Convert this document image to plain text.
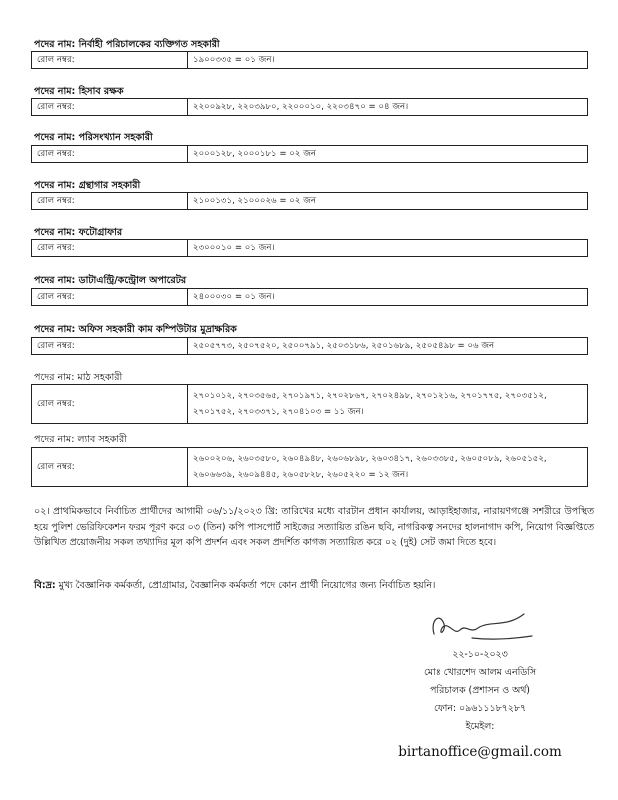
পদের নাম: নির্বাহী পরিচালকের ব্যক্তিগত সহকারী
রোল নম্বর:	১৯০০৩৩৫ = ০১ জন।
পদের নাম: হিসাব রক্ষক
রোল নম্বর:	২২০০৯২৮, ২২০৩৯৮০, ২২০০০১০, ২২০৩৪৭০ = ০৪ জন।
পদের নাম: পরিসংখ্যান সহকারী
রোল নম্বর:	২০০০১২৮, ২০০০১৮১ = ০২ জন
পদের নাম: গ্রন্থাগার সহকারী
রোল নম্বর:	২১০০১৩১, ২১০০০২৬ = ০২ জন
পদের নাম: ফটোগ্রাফার
রোল নম্বর:	২৩০০০১০ = ০১ জন।
পদের নাম: ডাটাএন্ট্রি/কন্ট্রোল অপারেটর
রোল নম্বর:	২৪০০০৩০ = ০১ জন।
পদের নাম: অফিস সহকারী কাম কম্পিউটার মুদ্রাক্ষরিক
রোল নম্বর:	২৫০৫৭৭৩, ২৫০৭৫২০, ২৫০০৭৯১, ২৫০৩১৮৬, ২৫০১৬৮৯, ২৫০৫৪৯৮ = ০৬ জন
পদের নাম: মাঠ সহকারী
রোল নম্বর:	২৭০১০১২, ২৭০৩৫৬৫, ২৭০১৯৭১, ২৭০২৮৬৭, ২৭০২৪৯৮, ২৭০১২১৬, ২৭০১৭৭৫, ২৭০৩৫১২, ২৭০১৭৫২, ২৭০৩৩৭১, ২৭০৪১০৩ = ১১ জন।
পদের নাম: ল্যাব সহকারী
রোল নম্বর:	২৬০০২০৬, ২৬০৩৫৮০, ২৬০৪৯৪৮, ২৬০৬৮৯৮, ২৬০৩৪১৭, ২৬০৩৩৮৫, ২৬০৫০৮৯, ২৬০৫১৫২, ২৬০৬৬৩৯, ২৬০৯৪৪৫, ২৬০৫৮২৮, ২৬০৫২২০ = ১২ জন।
০২। প্রাথমিকভাবে নির্বাচিত প্রার্থীদের আগামী ০৬/১১/২০২৩ খ্রি: তারিখের মধ্যে বারটান প্রধান কার্যালয়, আড়াইহাজার, নারায়ণগঞ্জে সশরীরে উপস্থিত হয়ে পুলিশ ভেরিফিকেশন ফরম পূরণ করে ০৩ (তিন) কপি পাসপোর্ট সাইজের সত্যায়িত রঙিন ছবি, নাগরিকত্ব সনদের হালনাগাদ কপি, নিয়োগ বিজ্ঞপ্তিতে উল্লিখিত প্রয়োজনীয় সকল তথ্যাদির মূল কপি প্রদর্শন এবং সকল প্রদর্শিত কাগজ সত্যায়িত করে ০২ (দুই) সেট জমা দিতে হবে।
বি:দ্র: মুখ্য বৈজ্ঞানিক কর্মকর্তা, প্রোগ্রামার, বৈজ্ঞানিক কর্মকর্তা পদে কোন প্রার্থী নিয়োগের জন্য নির্বাচিত হয়নি।
২২-১০-২০২৩
মোঃ খোরশেদ আলম এনডিসি
পরিচালক (প্রশাসন ও অর্থ)
ফোন: ০৯৬১১১৮৭২৮৭
ইমেইল:
birtanoffice@gmail.com
